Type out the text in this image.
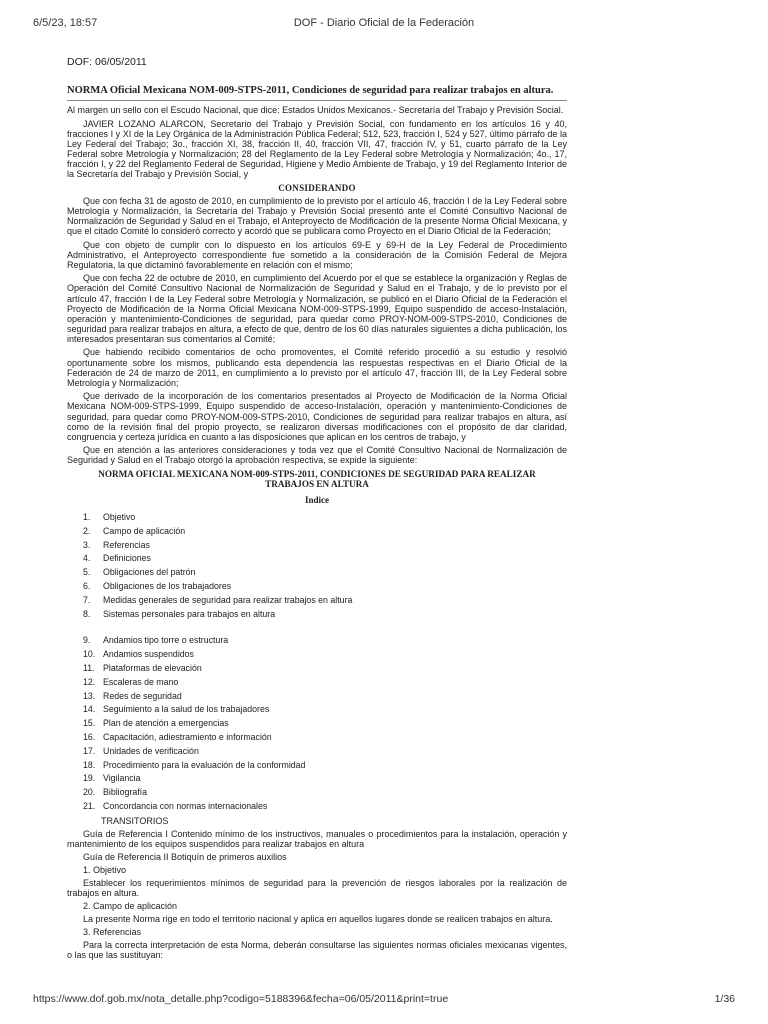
6/5/23, 18:57	DOF - Diario Oficial de la Federación
DOF: 06/05/2011
NORMA Oficial Mexicana NOM-009-STPS-2011, Condiciones de seguridad para realizar trabajos en altura.

Al margen un sello con el Escudo Nacional, que dice: Estados Unidos Mexicanos.- Secretaría del Trabajo y Previsión Social.

JAVIER LOZANO ALARCON, Secretario del Trabajo y Previsión Social, con fundamento en los artículos 16 y 40, fracciones I y XI de la Ley Orgánica de la Administración Pública Federal; 512, 523, fracción I, 524 y 527, último párrafo de la Ley Federal del Trabajo; 3o., fracción XI, 38, fracción II, 40, fracción VII, 47, fracción IV, y 51, cuarto párrafo de la Ley Federal sobre Metrología y Normalización; 28 del Reglamento de la Ley Federal sobre Metrología y Normalización; 4o., 17, fracción I, y 22 del Reglamento Federal de Seguridad, Higiene y Medio Ambiente de Trabajo, y 19 del Reglamento Interior de la Secretaría del Trabajo y Previsión Social, y

CONSIDERANDO

Que con fecha 31 de agosto de 2010, en cumplimiento de lo previsto por el artículo 46, fracción I de la Ley Federal sobre Metrología y Normalización, la Secretaría del Trabajo y Previsión Social presentó ante el Comité Consultivo Nacional de Normalización de Seguridad y Salud en el Trabajo, el Anteproyecto de Modificación de la presente Norma Oficial Mexicana, y que el citado Comité lo consideró correcto y acordó que se publicara como Proyecto en el Diario Oficial de la Federación;

Que con objeto de cumplir con lo dispuesto en los artículos 69-E y 69-H de la Ley Federal de Procedimiento Administrativo, el Anteproyecto correspondiente fue sometido a la consideración de la Comisión Federal de Mejora Regulatoria, la que dictaminó favorablemente en relación con el mismo;

Que con fecha 22 de octubre de 2010, en cumplimiento del Acuerdo por el que se establece la organización y Reglas de Operación del Comité Consultivo Nacional de Normalización de Seguridad y Salud en el Trabajo, y de lo previsto por el artículo 47, fracción I de la Ley Federal sobre Metrología y Normalización, se publicó en el Diario Oficial de la Federación el Proyecto de Modificación de la Norma Oficial Mexicana NOM-009-STPS-1999, Equipo suspendido de acceso-Instalación, operación y mantenimiento-Condiciones de seguridad, para quedar como PROY-NOM-009-STPS-2010, Condiciones de seguridad para realizar trabajos en altura, a efecto de que, dentro de los 60 días naturales siguientes a dicha publicación, los interesados presentaran sus comentarios al Comité;

Que habiendo recibido comentarios de ocho promoventes, el Comité referido procedió a su estudio y resolvió oportunamente sobre los mismos, publicando esta dependencia las respuestas respectivas en el Diario Oficial de la Federación de 24 de marzo de 2011, en cumplimiento a lo previsto por el artículo 47, fracción III, de la Ley Federal sobre Metrología y Normalización;

Que derivado de la incorporación de los comentarios presentados al Proyecto de Modificación de la Norma Oficial Mexicana NOM-009-STPS-1999, Equipo suspendido de acceso-Instalación, operación y mantenimiento-Condiciones de seguridad, para quedar como PROY-NOM-009-STPS-2010, Condiciones de seguridad para realizar trabajos en altura, así como de la revisión final del propio proyecto, se realizaron diversas modificaciones con el propósito de dar claridad, congruencia y certeza jurídica en cuanto a las disposiciones que aplican en los centros de trabajo, y

Que en atención a las anteriores consideraciones y toda vez que el Comité Consultivo Nacional de Normalización de Seguridad y Salud en el Trabajo otorgó la aprobación respectiva, se expide la siguiente:

NORMA OFICIAL MEXICANA NOM-009-STPS-2011, CONDICIONES DE SEGURIDAD PARA REALIZAR
TRABAJOS EN ALTURA
Indice
1.	Objetivo
2.	Campo de aplicación
3.	Referencias
4.	Definiciones
5.	Obligaciones del patrón
6.	Obligaciones de los trabajadores
7.	Medidas generales de seguridad para realizar trabajos en altura
8.	Sistemas personales para trabajos en altura
9.	Andamios tipo torre o estructura
10. Andamios suspendidos
11. Plataformas de elevación
12. Escaleras de mano
13. Redes de seguridad
14. Seguimiento a la salud de los trabajadores
15. Plan de atención a emergencias
16. Capacitación, adiestramiento e información
17. Unidades de verificación
18. Procedimiento para la evaluación de la conformidad
19. Vigilancia
20. Bibliografía
21. Concordancia con normas internacionales
TRANSITORIOS

Guía de Referencia I Contenido mínimo de los instructivos, manuales o procedimientos para la instalación, operación y mantenimiento de los equipos suspendidos para realizar trabajos en altura

Guía de Referencia II Botiquín de primeros auxilios

1. Objetivo

Establecer los requerimientos mínimos de seguridad para la prevención de riesgos laborales por la realización de trabajos en altura.

2. Campo de aplicación

La presente Norma rige en todo el territorio nacional y aplica en aquellos lugares donde se realicen trabajos en altura.

3. Referencias

Para la correcta interpretación de esta Norma, deberán consultarse las siguientes normas oficiales mexicanas vigentes, o las que las sustituyan:

https://www.dof.gob.mx/nota_detalle.php?codigo=5188396&fecha=06/05/2011&print=true	1/36
